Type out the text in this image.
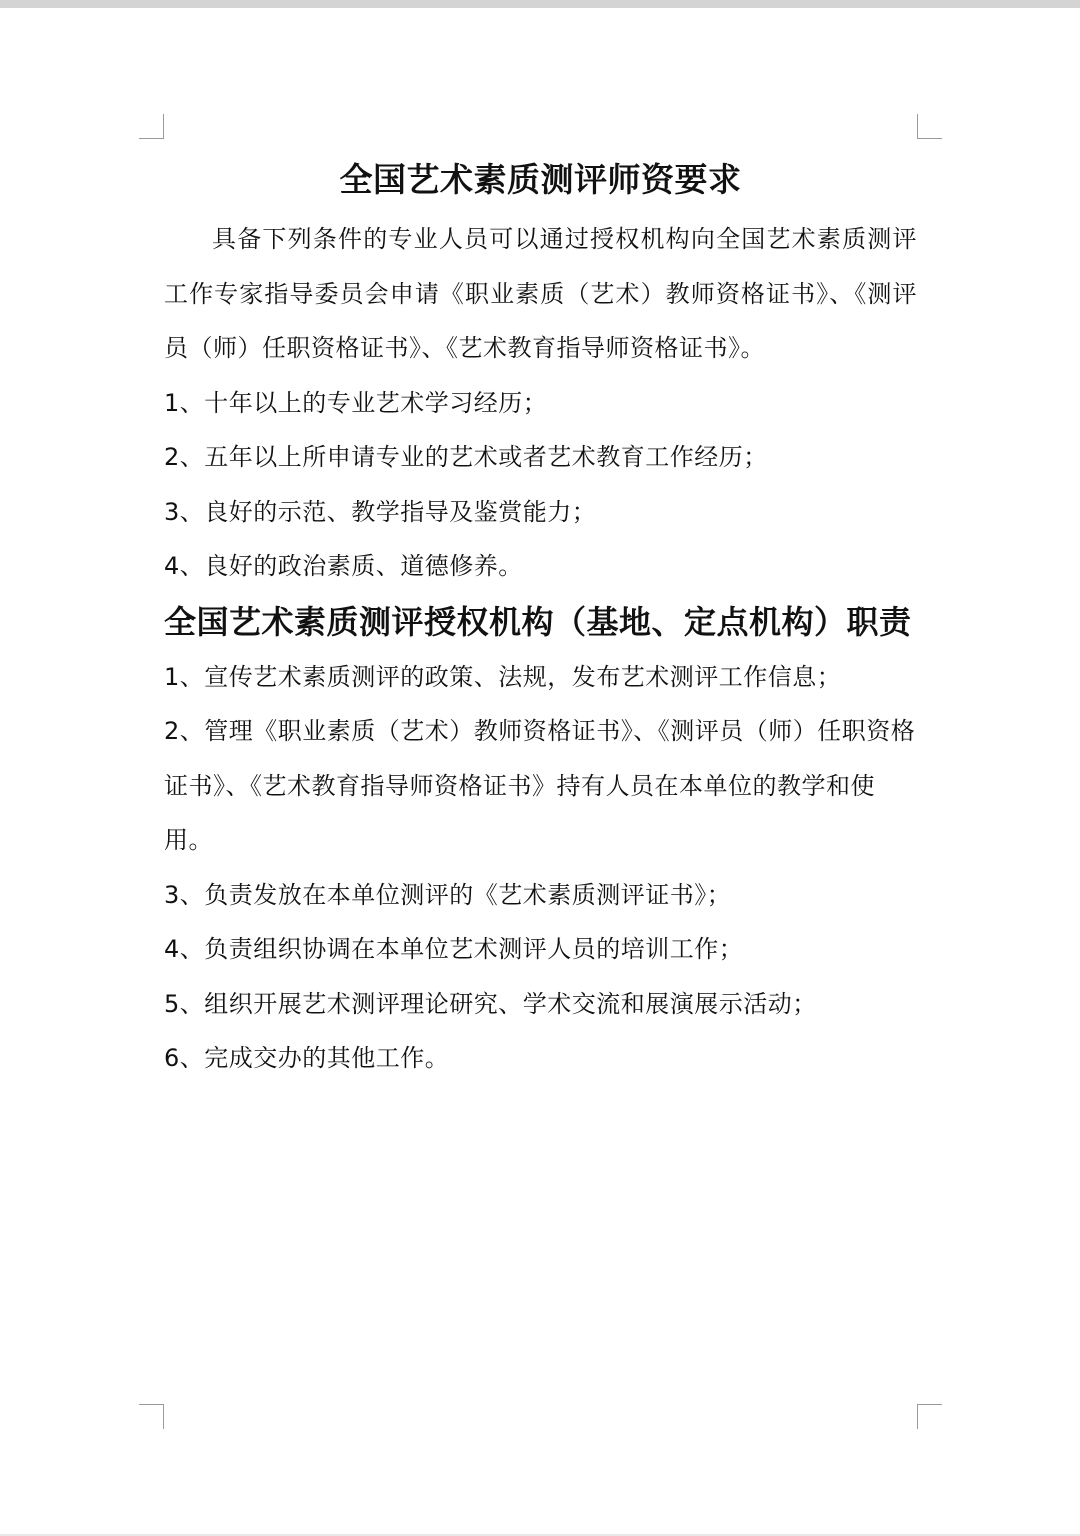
全国艺术素质测评师资要求

具备下列条件的专业人员可以通过授权机构向全国艺术素质测评工作专家指导委员会申请《职业素质（艺术）教师资格证书》、《测评员（师）任职资格证书》、《艺术教育指导师资格证书》。

1、十年以上的专业艺术学习经历；

2、五年以上所申请专业的艺术或者艺术教育工作经历；

3、良好的示范、教学指导及鉴赏能力；

4、良好的政治素质、道德修养。

全国艺术素质测评授权机构（基地、定点机构）职责

1、宣传艺术素质测评的政策、法规，发布艺术测评工作信息；

2、管理《职业素质（艺术）教师资格证书》、《测评员（师）任职资格证书》、《艺术教育指导师资格证书》持有人员在本单位的教学和使用。

3、负责发放在本单位测评的《艺术素质测评证书》；

4、负责组织协调在本单位艺术测评人员的培训工作；

5、组织开展艺术测评理论研究、学术交流和展演展示活动；

6、完成交办的其他工作。
